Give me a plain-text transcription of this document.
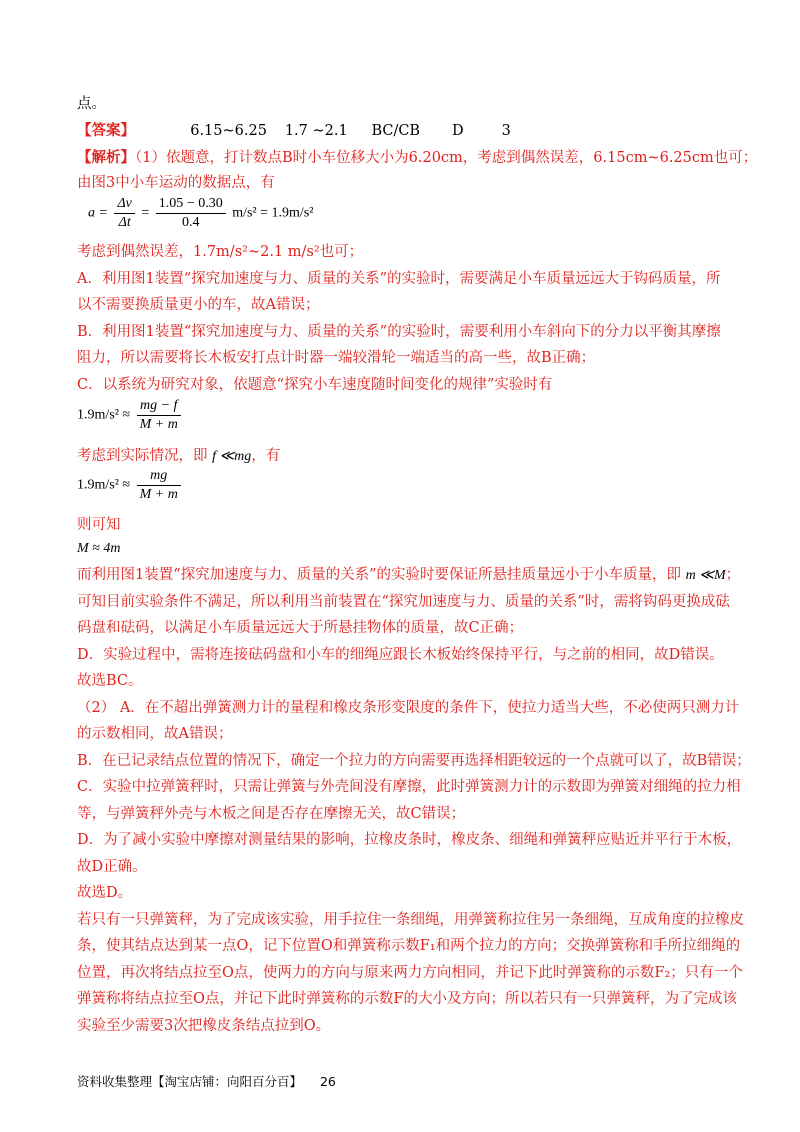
点。
【答案】	6.15~6.25 1.7 ~2.1 BC/CB D	3
【解析】（1）依题意，打计数点B时小车位移大小为6.20cm，考虑到偶然误差，6.15cm~6.25cm也可；
由图3中小车运动的数据点，有
$a = \frac{\Delta v}{\Delta t} = \frac{1.05 - 0.30}{0.4} m/s^2 = 1.9m/s^2$
考虑到偶然误差，1.7m/s²~2.1 m/s²也可；
A．利用图1装置“探究加速度与力、质量的关系”的实验时，需要满足小车质量远远大于钩码质量，所
以不需要换质量更小的车，故A错误；
B．利用图1装置“探究加速度与力、质量的关系”的实验时，需要利用小车斜向下的分力以平衡其摩擦
阻力，所以需要将长木板安打点计时器一端较滑轮一端适当的高一些，故B正确；
C．以系统为研究对象，依题意“探究小车速度随时间变化的规律”实验时有
$1.9m/s^2 \approx \frac{mg - f}{M + m}$
考虑到实际情况，即 f ≪mg，有
$1.9m/s^2 \approx \frac{mg}{M + m}$
则可知
M ≈ 4m
而利用图1装置“探究加速度与力、质量的关系”的实验时要保证所悬挂质量远小于小车质量，即 m ≪M；
可知目前实验条件不满足，所以利用当前装置在“探究加速度与力、质量的关系”时，需将钩码更换成砝
码盘和砝码，以满足小车质量远远大于所悬挂物体的质量，故C正确；
D．实验过程中，需将连接砝码盘和小车的细绳应跟长木板始终保持平行，与之前的相同，故D错误。
故选BC。
（2） A．在不超出弹簧测力计的量程和橡皮条形变限度的条件下，使拉力适当大些，不必使两只测力计
的示数相同，故A错误；
B．在已记录结点位置的情况下，确定一个拉力的方向需要再选择相距较远的一个点就可以了，故B错误；
C．实验中拉弹簧秤时，只需让弹簧与外壳间没有摩擦，此时弹簧测力计的示数即为弹簧对细绳的拉力相
等，与弹簧秤外壳与木板之间是否存在摩擦无关，故C错误；
D．为了减小实验中摩擦对测量结果的影响，拉橡皮条时，橡皮条、细绳和弹簧秤应贴近并平行于木板，
故D正确。
故选D。
若只有一只弹簧秤，为了完成该实验，用手拉住一条细绳，用弹簧称拉住另一条细绳，互成角度的拉橡皮
条，使其结点达到某一点O，记下位置O和弹簧称示数F₁和两个拉力的方向；交换弹簧称和手所拉细绳的
位置，再次将结点拉至O点，使两力的方向与原来两力方向相同，并记下此时弹簧称的示数F₂；只有一个
弹簧称将结点拉至O点，并记下此时弹簧称的示数F的大小及方向；所以若只有一只弹簧秤，为了完成该
实验至少需要3次把橡皮条结点拉到O。
资料收集整理【淘宝店铺：向阳百分百】 26
